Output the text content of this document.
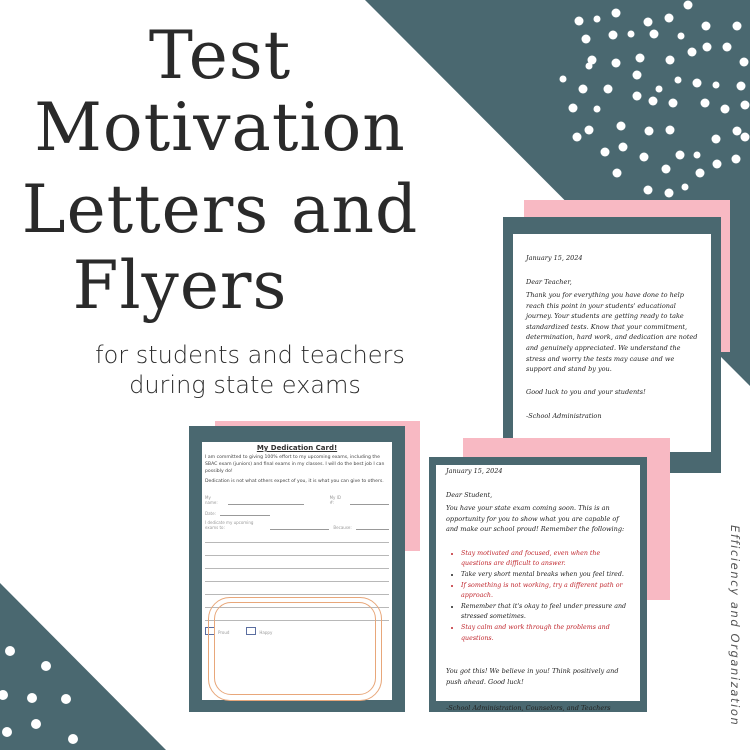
Test
Motivation
Letters and
Flyers
for students and teachers
during state exams

January 15, 2024

Dear Teacher,

Thank you for everything you have done to help reach this point in your students' educational journey. Your students are getting ready to take standardized tests. Know that your commitment, determination, hard work, and dedication are noted and genuinely appreciated. We understand the stress and worry the tests may cause and we support and stand by you.

Good luck to you and your students!

-School Administration

January 15, 2024

Dear Student,

You have your state exam coming soon. This is an opportunity for you to show what you are capable of and make our school proud! Remember the following:

• Stay motivated and focused, even when the questions are difficult to answer.
• Take very short mental breaks when you feel tired.
• If something is not working, try a different path or approach.
• Remember that it's okay to feel under pressure and stressed sometimes.
• Stay calm and work through the problems and questions.

You got this! We believe in you! Think positively and push ahead. Good luck!

-School Administration, Counselors, and Teachers

My Dedication Card!
I am committed to giving 100% effort to my upcoming exams, including the SBAC exam (juniors) and final exams in my classes. I will do the best job I can possibly do!
Dedication is not what others expect of you, it is what you can give to others.
My name:
My ID #:
Date:
I dedicate my upcoming exams to:	Because:
Proud	Happy	Efficiency and Organization
